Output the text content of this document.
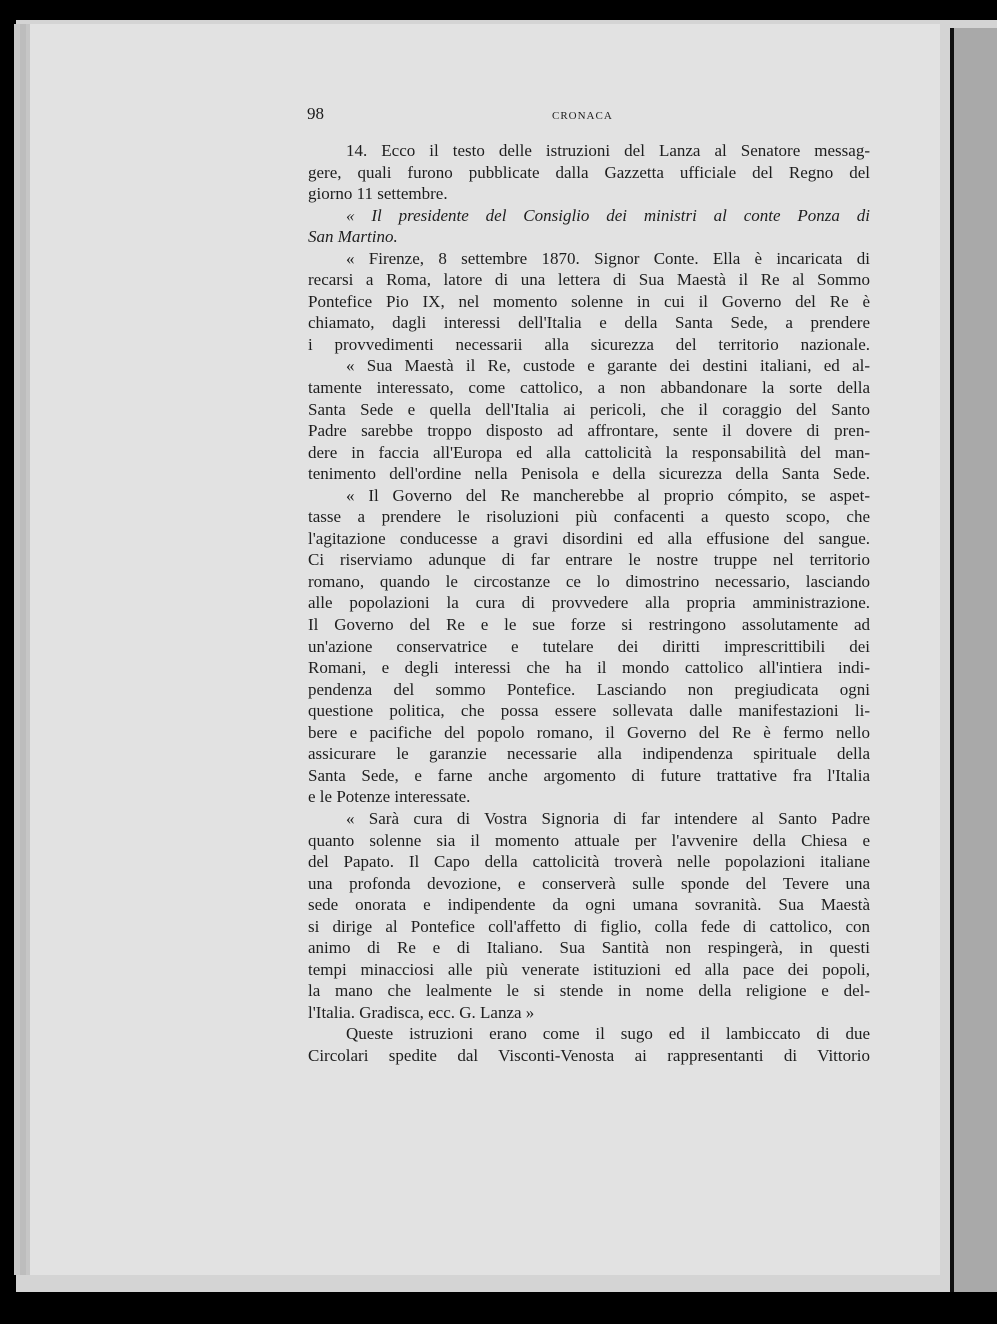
98	CRONACA
14. Ecco il testo delle istruzioni del Lanza al Senatore messag-
gere, quali furono pubblicate dalla Gazzetta ufficiale del Regno del
giorno 11 settembre.
« Il presidente del Consiglio dei ministri al conte Ponza di
San Martino.
« Firenze, 8 settembre 1870. Signor Conte. Ella è incaricata di
recarsi a Roma, latore di una lettera di Sua Maestà il Re al Sommo
Pontefice Pio IX, nel momento solenne in cui il Governo del Re è
chiamato, dagli interessi dell'Italia e della Santa Sede, a prendere
i provvedimenti necessarii alla sicurezza del territorio nazionale.
« Sua Maestà il Re, custode e garante dei destini italiani, ed al-
tamente interessato, come cattolico, a non abbandonare la sorte della
Santa Sede e quella dell'Italia ai pericoli, che il coraggio del Santo
Padre sarebbe troppo disposto ad affrontare, sente il dovere di pren-
dere in faccia all'Europa ed alla cattolicità la responsabilità del man-
tenimento dell'ordine nella Penisola e della sicurezza della Santa Sede.
« Il Governo del Re mancherebbe al proprio cómpito, se aspet-
tasse a prendere le risoluzioni più confacenti a questo scopo, che
l'agitazione conducesse a gravi disordini ed alla effusione del sangue.
Ci riserviamo adunque di far entrare le nostre truppe nel territorio
romano, quando le circostanze ce lo dimostrino necessario, lasciando
alle popolazioni la cura di provvedere alla propria amministrazione.
Il Governo del Re e le sue forze si restringono assolutamente ad
un'azione conservatrice e tutelare dei diritti imprescrittibili dei
Romani, e degli interessi che ha il mondo cattolico all'intiera indi-
pendenza del sommo Pontefice. Lasciando non pregiudicata ogni
questione politica, che possa essere sollevata dalle manifestazioni li-
bere e pacifiche del popolo romano, il Governo del Re è fermo nello
assicurare le garanzie necessarie alla indipendenza spirituale della
Santa Sede, e farne anche argomento di future trattative fra l'Italia
e le Potenze interessate.
« Sarà cura di Vostra Signoria di far intendere al Santo Padre
quanto solenne sia il momento attuale per l'avvenire della Chiesa e
del Papato. Il Capo della cattolicità troverà nelle popolazioni italiane
una profonda devozione, e conserverà sulle sponde del Tevere una
sede onorata e indipendente da ogni umana sovranità. Sua Maestà
si dirige al Pontefice coll'affetto di figlio, colla fede di cattolico, con
animo di Re e di Italiano. Sua Santità non respingerà, in questi
tempi minacciosi alle più venerate istituzioni ed alla pace dei popoli,
la mano che lealmente le si stende in nome della religione e del-
l'Italia. Gradisca, ecc. G. Lanza »
Queste istruzioni erano come il sugo ed il lambiccato di due
Circolari spedite dal Visconti-Venosta ai rappresentanti di Vittorio
